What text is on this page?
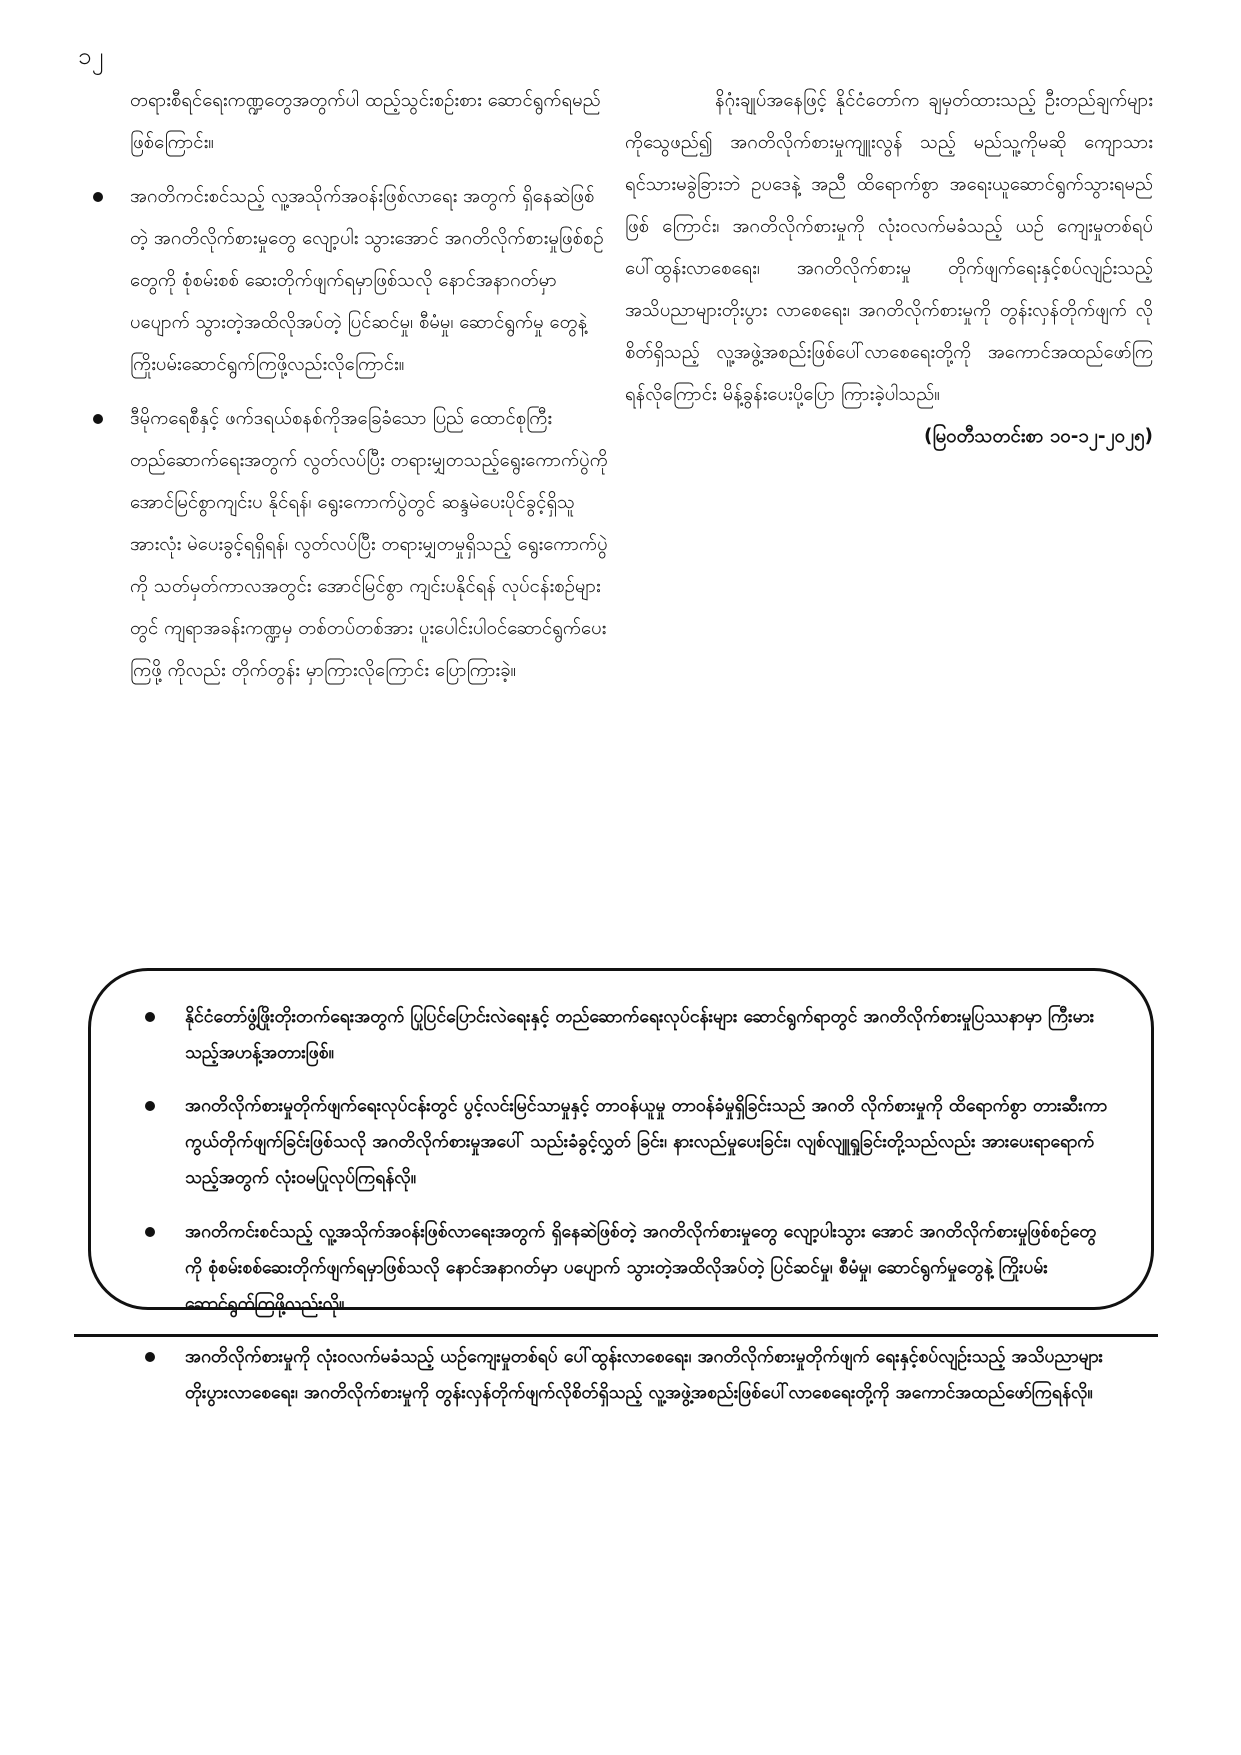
၁၂

တရားစီရင်ရေးကဏ္ဍတွေအတွက်ပါ ထည့်သွင်းစဉ်းစား ဆောင်ရွက်ရမည်ဖြစ်ကြောင်း။

အဂတိကင်းစင်သည့် လူ့အသိုက်အဝန်းဖြစ်လာရေး အတွက် ရှိနေဆဲဖြစ်တဲ့ အဂတိလိုက်စားမှုတွေ လျော့ပါး သွားအောင် အဂတိလိုက်စားမှုဖြစ်စဉ်တွေကို စုံစမ်းစစ် ဆေးတိုက်ဖျက်ရမှာဖြစ်သလို နောင်အနာဂတ်မှာ ပပျောက် သွားတဲ့အထိလိုအပ်တဲ့ ပြင်ဆင်မှု၊ စီမံမှု၊ ဆောင်ရွက်မှု တွေနဲ့ ကြိုးပမ်းဆောင်ရွက်ကြဖို့လည်းလိုကြောင်း။

ဒီမိုကရေစီနှင့် ဖက်ဒရယ်စနစ်ကိုအခြေခံသော ပြည် ထောင်စုကြီးတည်ဆောက်ရေးအတွက် လွတ်လပ်ပြီး တရားမျှတသည့်ရွေးကောက်ပွဲကို အောင်မြင်စွာကျင်းပ နိုင်ရန်၊ ရွေးကောက်ပွဲတွင် ဆန္ဒမဲပေးပိုင်ခွင့်ရှိသူအားလုံး မဲပေးခွင့်ရရှိရန်၊ လွတ်လပ်ပြီး တရားမျှတမှုရှိသည့် ရွေးကောက်ပွဲကို သတ်မှတ်ကာလအတွင်း အောင်မြင်စွာ ကျင်းပနိုင်ရန် လုပ်ငန်းစဉ်များတွင် ကျရာအခန်းကဏ္ဍမှ တစ်တပ်တစ်အား ပူးပေါင်းပါဝင်ဆောင်ရွက်ပေးကြဖို့ ကိုလည်း တိုက်တွန်း မှာကြားလိုကြောင်း ပြောကြားခဲ့။

နိဂုံးချုပ်အနေဖြင့် နိုင်ငံတော်က ချမှတ်ထားသည့် ဦးတည်ချက်များကိုသွေဖည်၍ အဂတိလိုက်စားမှုကျူးလွန် သည့် မည်သူ့ကိုမဆို ကျောသားရင်သားမခွဲခြားဘဲ ဥပဒေနဲ့ အညီ ထိရောက်စွာ အရေးယူဆောင်ရွက်သွားရမည်ဖြစ် ကြောင်း၊ အဂတိလိုက်စားမှုကို လုံးဝလက်မခံသည့် ယဉ် ကျေးမှုတစ်ရပ် ပေါ်ထွန်းလာစေရေး၊ အဂတိလိုက်စားမှု တိုက်ဖျက်ရေးနှင့်စပ်လျဉ်းသည့် အသိပညာများတိုးပွား လာစေရေး၊ အဂတိလိုက်စားမှုကို တွန်းလှန်တိုက်ဖျက် လိုစိတ်ရှိသည့် လူ့အဖွဲ့အစည်းဖြစ်ပေါ်လာစေရေးတို့ကို အကောင်အထည်ဖော်ကြရန်လိုကြောင်း မိန့်ခွန်းပေးပို့ပြော ကြားခဲ့ပါသည်။

(မြဝတီသတင်းစာ ၁၀-၁၂-၂၀၂၅)

နိုင်ငံတော်ဖွံ့ဖြိုးတိုးတက်ရေးအတွက် ပြုပြင်ပြောင်းလဲရေးနှင့် တည်ဆောက်ရေးလုပ်ငန်းများ ဆောင်ရွက်ရာတွင် အဂတိလိုက်စားမှုပြဿနာမှာ ကြီးမားသည့်အဟန့်အတားဖြစ်။

အဂတိလိုက်စားမှုတိုက်ဖျက်ရေးလုပ်ငန်းတွင် ပွင့်လင်းမြင်သာမှုနှင့် တာဝန်ယူမှု တာဝန်ခံမှုရှိခြင်းသည် အဂတိ လိုက်စားမှုကို ထိရောက်စွာ တားဆီးကာကွယ်တိုက်ဖျက်ခြင်းဖြစ်သလို အဂတိလိုက်စားမှုအပေါ် သည်းခံခွင့်လွှတ် ခြင်း၊ နားလည်မှုပေးခြင်း၊ လျစ်လျူရှုခြင်းတို့သည်လည်း အားပေးရာရောက်သည့်အတွက် လုံးဝမပြုလုပ်ကြရန်လို။

အဂတိကင်းစင်သည့် လူ့အသိုက်အဝန်းဖြစ်လာရေးအတွက် ရှိနေဆဲဖြစ်တဲ့ အဂတိလိုက်စားမှုတွေ လျော့ပါးသွား အောင် အဂတိလိုက်စားမှုဖြစ်စဉ်တွေကို စုံစမ်းစစ်ဆေးတိုက်ဖျက်ရမှာဖြစ်သလို နောင်အနာဂတ်မှာ ပပျောက် သွားတဲ့အထိလိုအပ်တဲ့ ပြင်ဆင်မှု၊ စီမံမှု၊ ဆောင်ရွက်မှုတွေနဲ့ ကြိုးပမ်းဆောင်ရွက်ကြဖို့လည်းလို။

အဂတိလိုက်စားမှုကို လုံးဝလက်မခံသည့် ယဉ်ကျေးမှုတစ်ရပ် ပေါ်ထွန်းလာစေရေး၊ အဂတိလိုက်စားမှုတိုက်ဖျက် ရေးနှင့်စပ်လျဉ်းသည့် အသိပညာများတိုးပွားလာစေရေး၊ အဂတိလိုက်စားမှုကို တွန်းလှန်တိုက်ဖျက်လိုစိတ်ရှိသည့် လူ့အဖွဲ့အစည်းဖြစ်ပေါ်လာစေရေးတို့ကို အကောင်အထည်ဖော်ကြရန်လို။
